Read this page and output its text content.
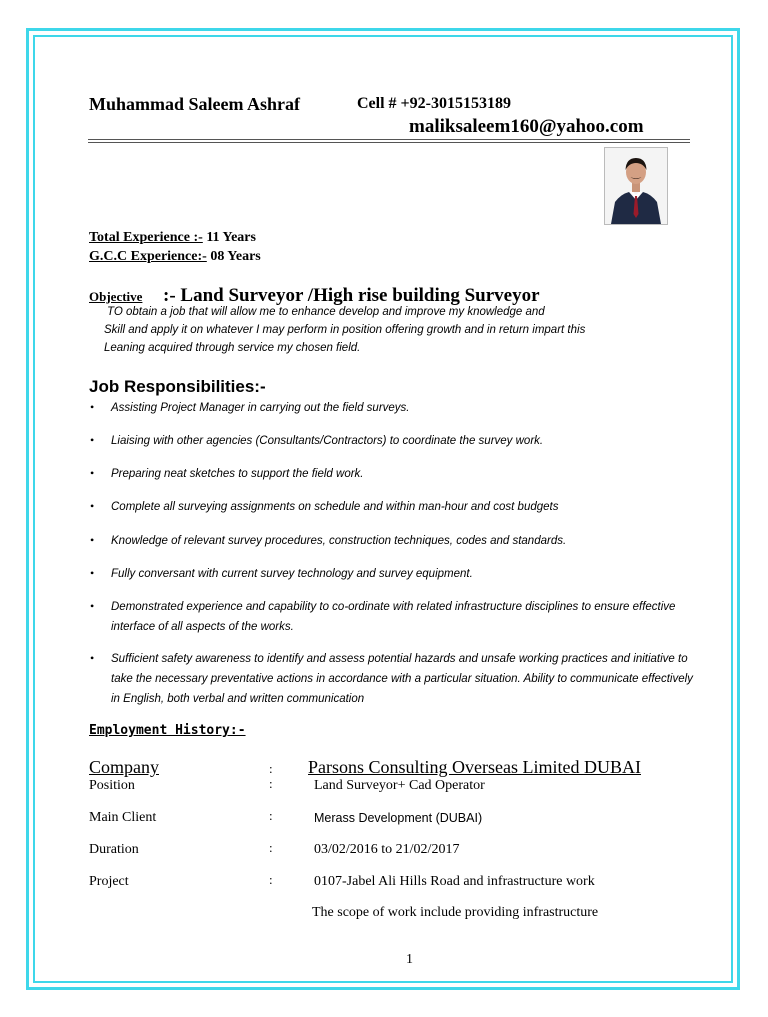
Muhammad Saleem Ashraf	Cell # +92-3015153189
maliksaleem160@yahoo.com
Total Experience :- 11 Years
G.C.C Experience:- 08 Years
Objective :- Land Surveyor /High rise building Surveyor
TO obtain a job that will allow me to enhance develop and improve my knowledge and
Skill and apply it on whatever I may perform in position offering growth and in return impart this
Leaning acquired through service my chosen field.
Job Responsibilities:-
• Assisting Project Manager in carrying out the field surveys.
• Liaising with other agencies (Consultants/Contractors) to coordinate the survey work.
• Preparing neat sketches to support the field work.
• Complete all surveying assignments on schedule and within man-hour and cost budgets
• Knowledge of relevant survey procedures, construction techniques, codes and standards.
• Fully conversant with current survey technology and survey equipment.
• Demonstrated experience and capability to co-ordinate with related infrastructure disciplines to ensure effective interface of all aspects of the works.
• Sufficient safety awareness to identify and assess potential hazards and unsafe working practices and initiative to take the necessary preventative actions in accordance with a particular situation. Ability to communicate effectively in English, both verbal and written communication
Employment History:-
Company	: Parsons Consulting Overseas Limited DUBAI
Position	:	Land Surveyor+ Cad Operator
Main Client	:	Merass Development (DUBAI)
Duration	:	03/02/2016 to 21/02/2017
Project	:	0107-Jabel Ali Hills Road and infrastructure work
The scope of work include providing infrastructure
1
